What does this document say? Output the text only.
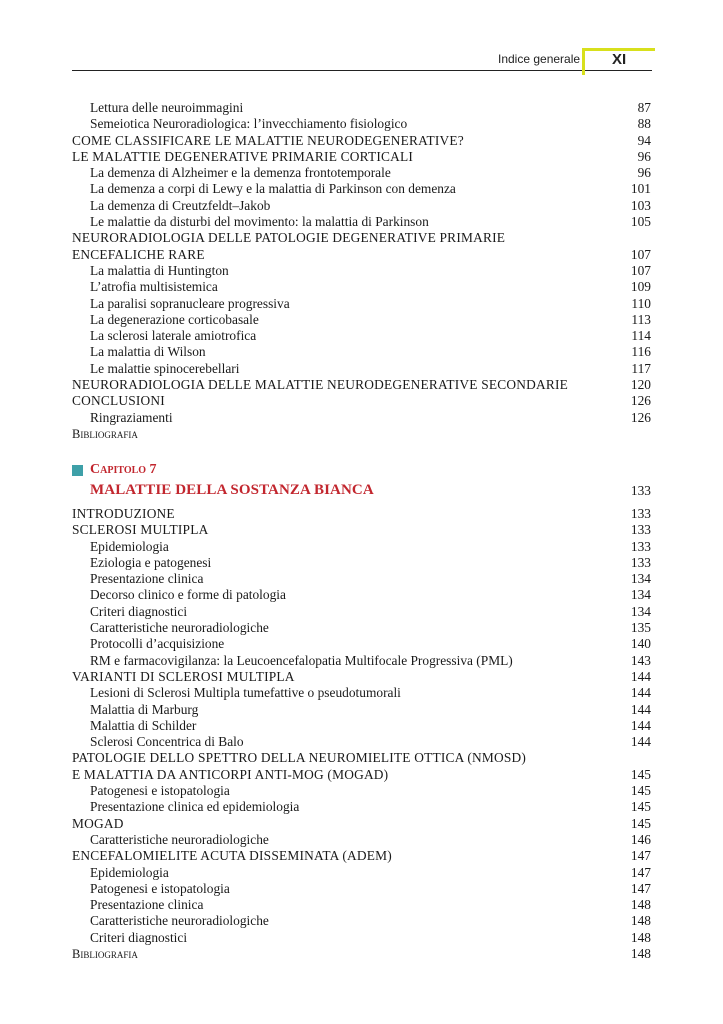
Indice generale XI
Lettura delle neuroimmagini	87
Semeiotica Neuroradiologica: l’invecchiamento fisiologico	88
COME CLASSIFICARE LE MALATTIE NEURODEGENERATIVE?	94
LE MALATTIE DEGENERATIVE PRIMARIE CORTICALI	96
La demenza di Alzheimer e la demenza frontotemporale	96
La demenza a corpi di Lewy e la malattia di Parkinson con demenza	101
La demenza di Creutzfeldt–Jakob	103
Le malattie da disturbi del movimento: la malattia di Parkinson	105
NEURORADIOLOGIA DELLE PATOLOGIE DEGENERATIVE PRIMARIE
ENCEFALICHE RARE	107
La malattia di Huntington	107
L’atrofia multisistemica	109
La paralisi sopranucleare progressiva	110
La degenerazione corticobasale	113
La sclerosi laterale amiotrofica	114
La malattia di Wilson	116
Le malattie spinocerebellari	117
NEURORADIOLOGIA DELLE MALATTIE NEURODEGENERATIVE SECONDARIE	120
CONCLUSIONI	126
Ringraziamenti	126
Bibliografia
Capitolo 7
MALATTIE DELLA SOSTANZA BIANCA	133
INTRODUZIONE	133
SCLEROSI MULTIPLA	133
Epidemiologia	133
Eziologia e patogenesi	133
Presentazione clinica	134
Decorso clinico e forme di patologia	134
Criteri diagnostici	134
Caratteristiche neuroradiologiche	135
Protocolli d’acquisizione	140
RM e farmacovigilanza: la Leucoencefalopatia Multifocale Progressiva (PML)	143
VARIANTI DI SCLEROSI MULTIPLA	144
Lesioni di Sclerosi Multipla tumefattive o pseudotumorali	144
Malattia di Marburg	144
Malattia di Schilder	144
Sclerosi Concentrica di Balo	144
PATOLOGIE DELLO SPETTRO DELLA NEUROMIELITE OTTICA (NMOSD)
E MALATTIA DA ANTICORPI ANTI-MOG (MOGAD)	145
Patogenesi e istopatologia	145
Presentazione clinica ed epidemiologia	145
MOGAD	145
Caratteristiche neuroradiologiche	146
ENCEFALOMIELITE ACUTA DISSEMINATA (ADEM)	147
Epidemiologia	147
Patogenesi e istopatologia	147
Presentazione clinica	148
Caratteristiche neuroradiologiche	148
Criteri diagnostici	148
Bibliografia	148
